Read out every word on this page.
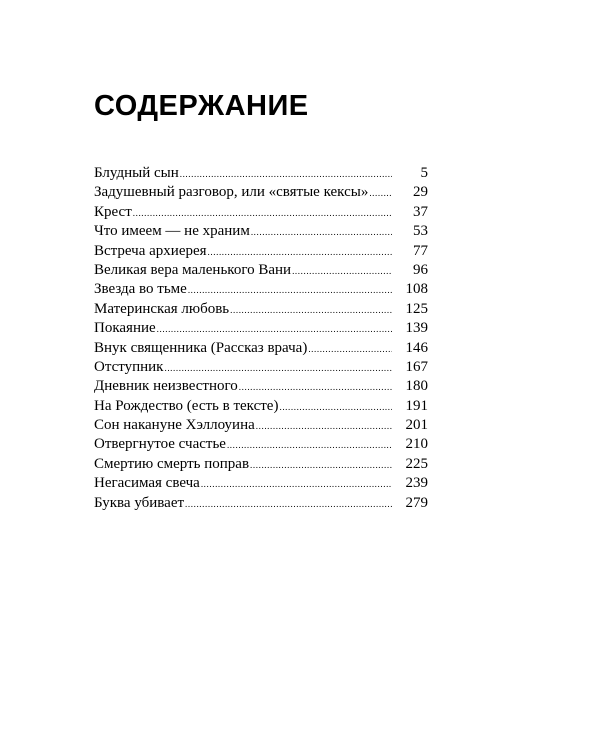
СОДЕРЖАНИЕ
Блудный сын .....	5
Задушевный разговор, или «святые кексы» .....	29
Крест .....	37
Что имеем — не храним .....	53
Встреча архиерея .....	77
Великая вера маленького Вани .....	96
Звезда во тьме .....	108
Материнская любовь .....	125
Покаяние .....	139
Внук священника (Рассказ врача) .....	146
Отступник .....	167
Дневник неизвестного .....	180
На Рождество (есть в тексте) .....	191
Сон накануне Хэллоуина .....	201
Отвергнутое счастье .....	210
Смертию смерть поправ .....	225
Негасимая свеча .....	239
Буква убивает .....	279
